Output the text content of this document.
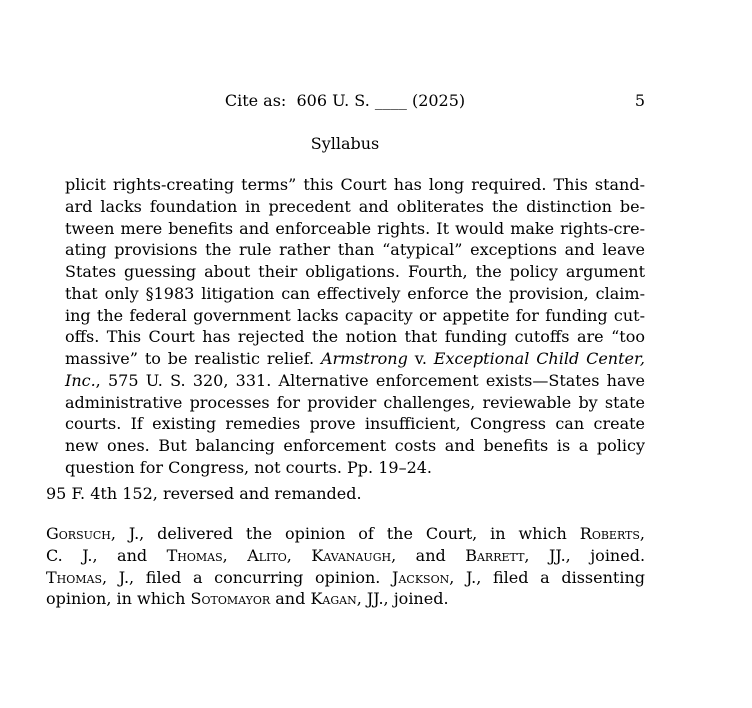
Cite as:  606 U. S. ____ (2025)	5
Syllabus
plicit rights-creating terms” this Court has long required. This stand-
ard lacks foundation in precedent and obliterates the distinction be-
tween mere benefits and enforceable rights. It would make rights-cre-
ating provisions the rule rather than “atypical” exceptions and leave
States guessing about their obligations. Fourth, the policy argument
that only §1983 litigation can effectively enforce the provision, claim-
ing the federal government lacks capacity or appetite for funding cut-
offs. This Court has rejected the notion that funding cutoffs are “too
massive” to be realistic relief. Armstrong v. Exceptional Child Center,
Inc., 575 U. S. 320, 331. Alternative enforcement exists—States have
administrative processes for provider challenges, reviewable by state
courts. If existing remedies prove insufficient, Congress can create
new ones. But balancing enforcement costs and benefits is a policy
question for Congress, not courts. Pp. 19–24.
95 F. 4th 152, reversed and remanded.
Gorsuch, J., delivered the opinion of the Court, in which Roberts,
C. J., and Thomas, Alito, Kavanaugh, and Barrett, JJ., joined.
Thomas, J., filed a concurring opinion. Jackson, J., filed a dissenting
opinion, in which Sotomayor and Kagan, JJ., joined.
